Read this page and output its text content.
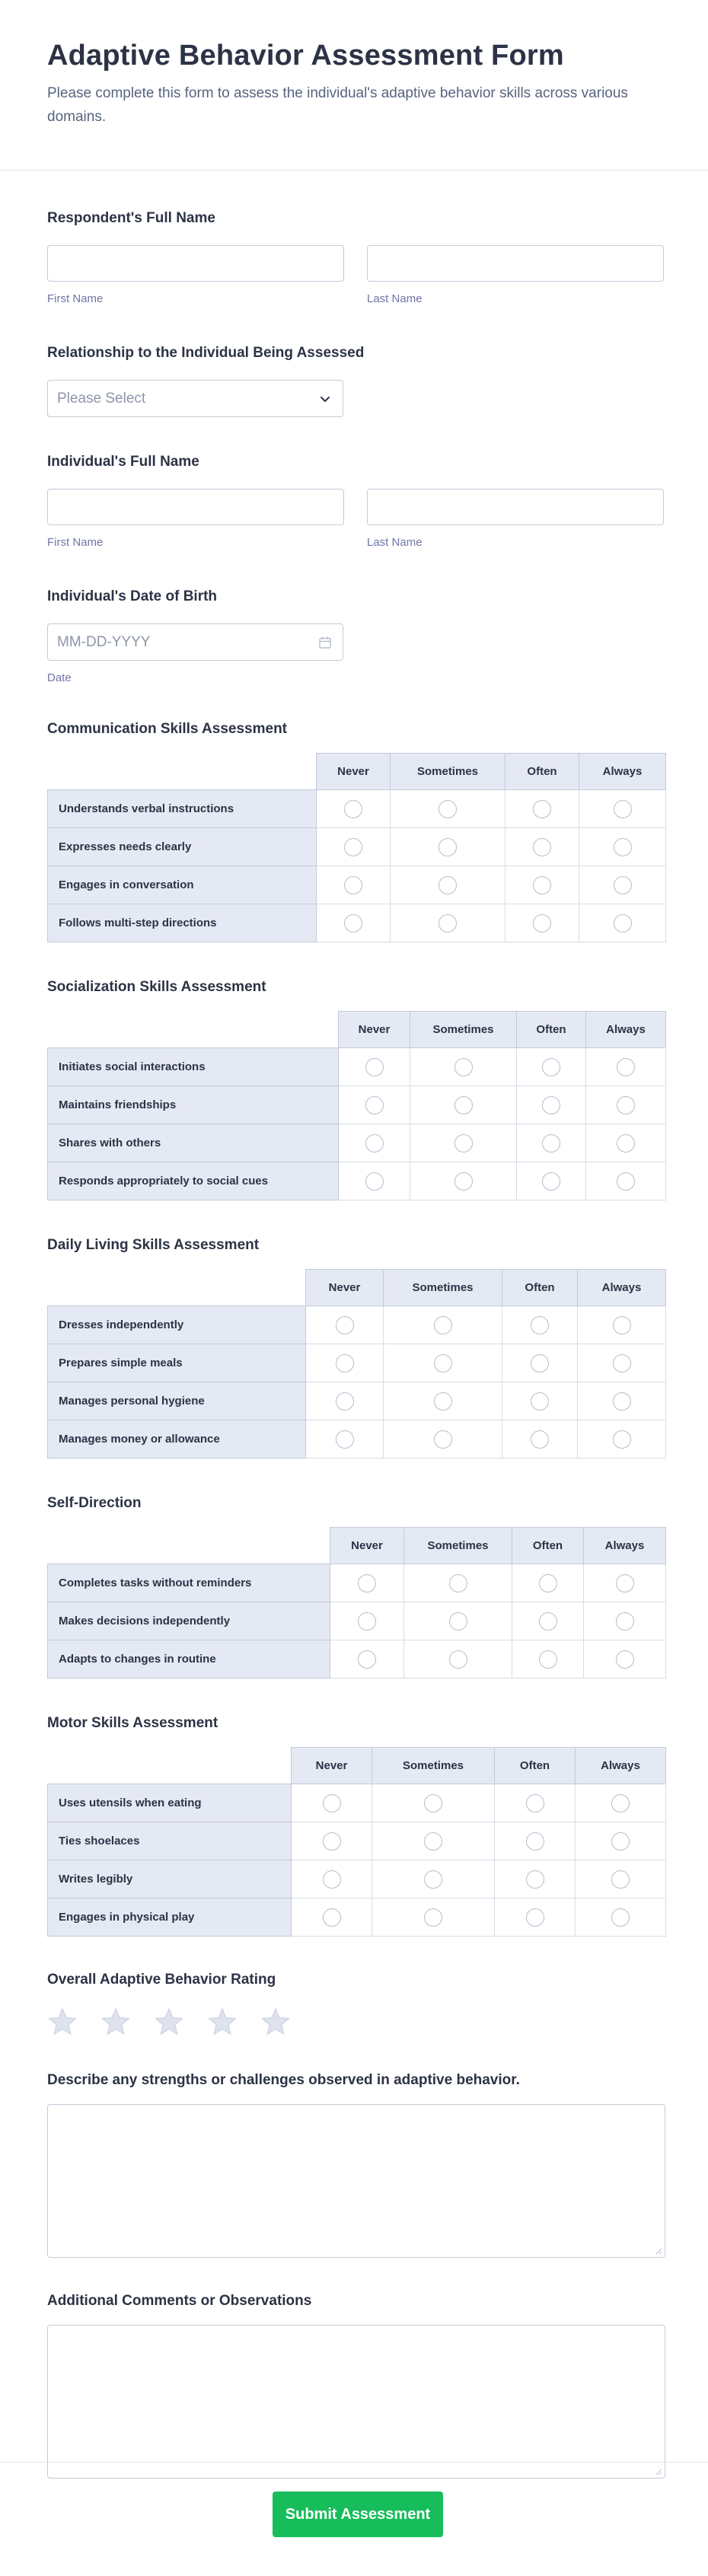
Adaptive Behavior Assessment Form

Please complete this form to assess the individual's adaptive behavior skills across various domains.

Respondent's Full Name
First Name	Last Name
Relationship to the Individual Being Assessed
Please Select
Individual's Full Name
First Name	Last Name
Individual's Date of Birth
MM-DD-YYYY
Date
Communication Skills Assessment
	Never	Sometimes	Often	Always
Understands verbal instructions				
Expresses needs clearly				
Engages in conversation				
Follows multi-step directions				
Socialization Skills Assessment
	Never	Sometimes	Often	Always
Initiates social interactions				
Maintains friendships				
Shares with others				
Responds appropriately to social cues				
Daily Living Skills Assessment
	Never	Sometimes	Often	Always
Dresses independently				
Prepares simple meals				
Manages personal hygiene				
Manages money or allowance				
Self-Direction
	Never	Sometimes	Often	Always
Completes tasks without reminders				
Makes decisions independently				
Adapts to changes in routine				
Motor Skills Assessment
	Never	Sometimes	Often	Always
Uses utensils when eating				
Ties shoelaces				
Writes legibly				
Engages in physical play				
Overall Adaptive Behavior Rating
Describe any strengths or challenges observed in adaptive behavior.
Additional Comments or Observations
Submit Assessment
